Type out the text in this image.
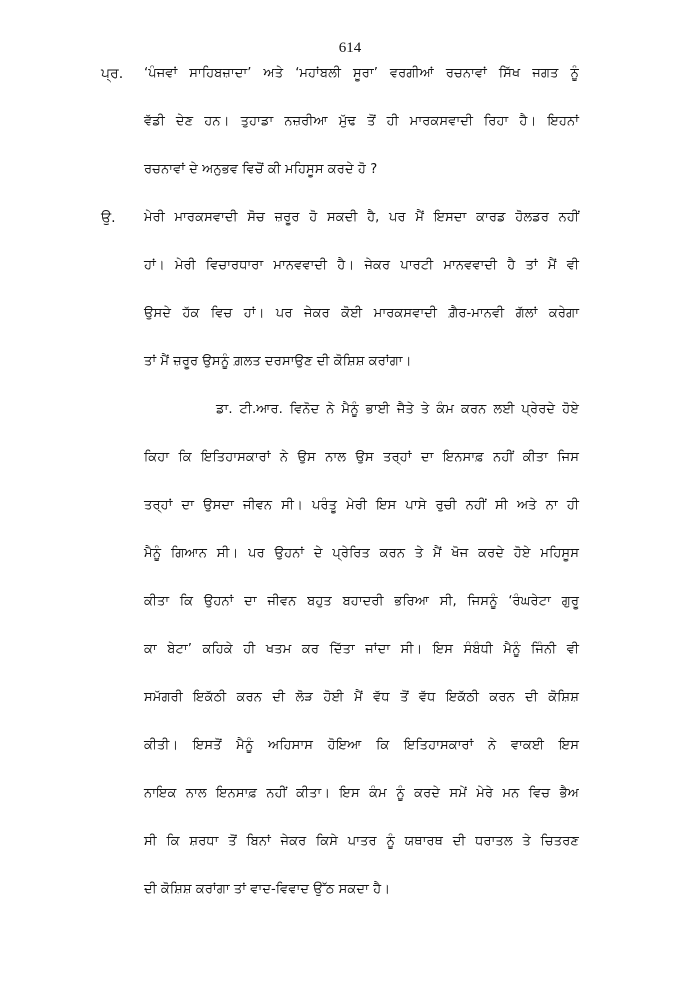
614
ਪ੍ਰ. ‘ਪੰਜਵਾਂ ਸਾਹਿਬਜ਼ਾਦਾ’ ਅਤੇ ‘ਮਹਾਂਬਲੀ ਸੂਰਾ’ ਵਰਗੀਆਂ ਰਚਨਾਵਾਂ ਸਿੱਖ ਜਗਤ ਨੂੰ
ਵੱਡੀ ਦੇਣ ਹਨ। ਤੁਹਾਡਾ ਨਜ਼ਰੀਆ ਮੁੱਢ ਤੋਂ ਹੀ ਮਾਰਕਸਵਾਦੀ ਰਿਹਾ ਹੈ। ਇਹਨਾਂ
ਰਚਨਾਵਾਂ ਦੇ ਅਨੁਭਵ ਵਿਚੋਂ ਕੀ ਮਹਿਸੂਸ ਕਰਦੇ ਹੋ ?
ਉ. ਮੇਰੀ ਮਾਰਕਸਵਾਦੀ ਸੋਚ ਜ਼ਰੂਰ ਹੋ ਸਕਦੀ ਹੈ, ਪਰ ਮੈਂ ਇਸਦਾ ਕਾਰਡ ਹੋਲਡਰ ਨਹੀਂ
ਹਾਂ। ਮੇਰੀ ਵਿਚਾਰਧਾਰਾ ਮਾਨਵਵਾਦੀ ਹੈ। ਜੇਕਰ ਪਾਰਟੀ ਮਾਨਵਵਾਦੀ ਹੈ ਤਾਂ ਮੈਂ ਵੀ
ਉਸਦੇ ਹੱਕ ਵਿਚ ਹਾਂ। ਪਰ ਜੇਕਰ ਕੋਈ ਮਾਰਕਸਵਾਦੀ ਗ਼ੈਰ-ਮਾਨਵੀ ਗੱਲਾਂ ਕਰੇਗਾ
ਤਾਂ ਮੈਂ ਜ਼ਰੂਰ ਉਸਨੂੰ ਗ਼ਲਤ ਦਰਸਾਉਣ ਦੀ ਕੋਸ਼ਿਸ਼ ਕਰਾਂਗਾ।
ਡਾ. ਟੀ.ਆਰ. ਵਿਨੋਦ ਨੇ ਮੈਨੂੰ ਭਾਈ ਜੈਤੇ ਤੇ ਕੰਮ ਕਰਨ ਲਈ ਪ੍ਰੇਰਦੇ ਹੋਏ
ਕਿਹਾ ਕਿ ਇਤਿਹਾਸਕਾਰਾਂ ਨੇ ਉਸ ਨਾਲ ਉਸ ਤਰ੍ਹਾਂ ਦਾ ਇਨਸਾਫ਼ ਨਹੀਂ ਕੀਤਾ ਜਿਸ
ਤਰ੍ਹਾਂ ਦਾ ਉਸਦਾ ਜੀਵਨ ਸੀ। ਪਰੰਤੂ ਮੇਰੀ ਇਸ ਪਾਸੇ ਰੁਚੀ ਨਹੀਂ ਸੀ ਅਤੇ ਨਾ ਹੀ
ਮੈਨੂੰ ਗਿਆਨ ਸੀ। ਪਰ ਉਹਨਾਂ ਦੇ ਪ੍ਰੇਰਿਤ ਕਰਨ ਤੇ ਮੈਂ ਖੋਜ ਕਰਦੇ ਹੋਏ ਮਹਿਸੂਸ
ਕੀਤਾ ਕਿ ਉਹਨਾਂ ਦਾ ਜੀਵਨ ਬਹੁਤ ਬਹਾਦਰੀ ਭਰਿਆ ਸੀ, ਜਿਸਨੂੰ ‘ਰੰਘਰੇਟਾ ਗੁਰੂ
ਕਾ ਬੇਟਾ’ ਕਹਿਕੇ ਹੀ ਖਤਮ ਕਰ ਦਿੱਤਾ ਜਾਂਦਾ ਸੀ। ਇਸ ਸੰਬੰਧੀ ਮੈਨੂੰ ਜਿੰਨੀ ਵੀ
ਸਮੱਗਰੀ ਇਕੱਠੀ ਕਰਨ ਦੀ ਲੋੜ ਹੋਈ ਮੈਂ ਵੱਧ ਤੋਂ ਵੱਧ ਇਕੱਠੀ ਕਰਨ ਦੀ ਕੋਸ਼ਿਸ਼
ਕੀਤੀ। ਇਸਤੋਂ ਮੈਨੂੰ ਅਹਿਸਾਸ ਹੋਇਆ ਕਿ ਇਤਿਹਾਸਕਾਰਾਂ ਨੇ ਵਾਕਈ ਇਸ
ਨਾਇਕ ਨਾਲ ਇਨਸਾਫ਼ ਨਹੀਂ ਕੀਤਾ। ਇਸ ਕੰਮ ਨੂੰ ਕਰਦੇ ਸਮੇਂ ਮੇਰੇ ਮਨ ਵਿਚ ਭੈਅ
ਸੀ ਕਿ ਸ਼ਰਧਾ ਤੋਂ ਬਿਨਾਂ ਜੇਕਰ ਕਿਸੇ ਪਾਤਰ ਨੂੰ ਯਥਾਰਥ ਦੀ ਧਰਾਤਲ ਤੇ ਚਿਤਰਣ
ਦੀ ਕੋਸ਼ਿਸ਼ ਕਰਾਂਗਾ ਤਾਂ ਵਾਦ-ਵਿਵਾਦ ਉੱਠ ਸਕਦਾ ਹੈ।
